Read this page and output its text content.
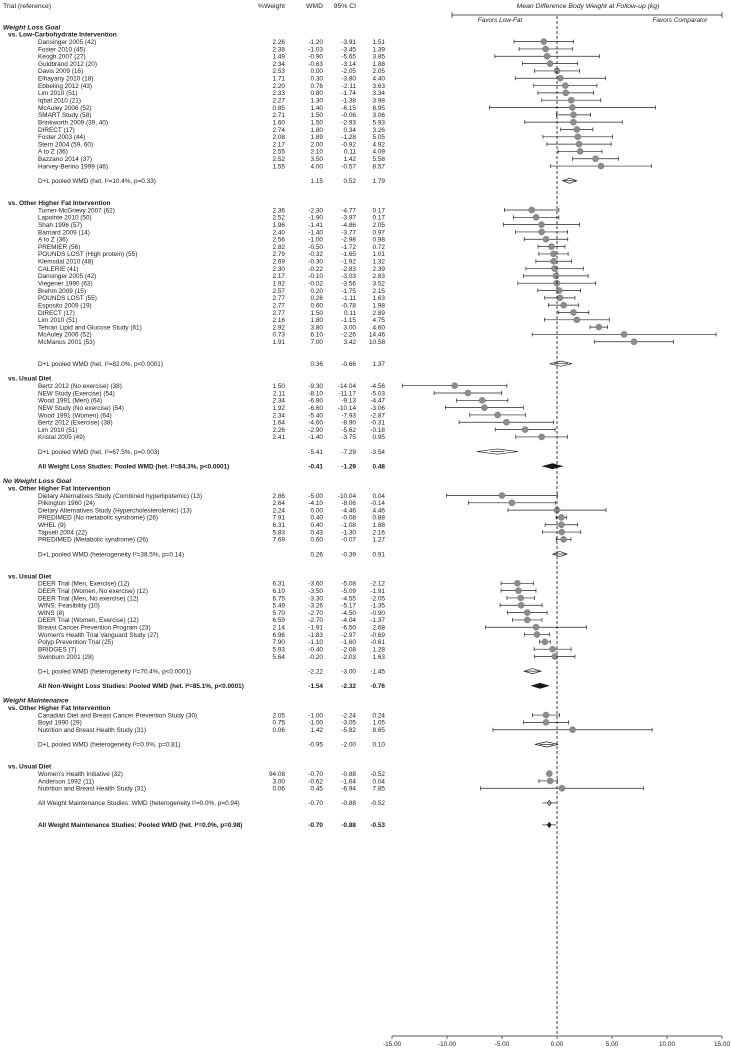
Trial (reference)	%Weight	WMD 95% CI	Mean Difference Body Weight at Follow-up (kg)
Favors Low-Fat	Favors Comparator
Weight Loss Goal
vs. Low-Carbohydrate Intervention
Dansinger 2005 (42)	2.26	-1.20	-3.91	1.51
Foster 2010 (45)	2.38	-1.03	-3.45	1.39
Keogh 2007 (27)	1.49	-0.90	-5.65	3.85
Guldbrand 2012 (20)	2.34	-0.63	-3.14	1.88
Davis 2009 (16)	2.53	0.00	-2.05	2.05
Elhayany 2010 (18)	1.71	0.30	-3.80	4.40
Ebbeling 2012 (43)	2.20	0.76	-2.11	3.63
Lim 2010 (51)	2.33	0.80	-1.74	3.34
Iqbal 2010 (21)	2.27	1.30	-1.38	3.98
McAuley 2006 (52)	0.85	1.40	-6.15	8.95
SMART Study (58)	2.71	1.50	-0.06	3.06
Brinkworth 2009 (39, 40)	1.60	1.50	-2.93	5.93
DIRECT (17)	2.74	1.80	0.34	3.26
Foster 2003 (44)	2.08	1.89	-1.28	5.05
Stern 2004 (59, 60)	2.17	2.00	-0.92	4.92
A to Z (36)	2.55	2.10	0.11	4.09
Bazzano 2014 (37)	2.52	3.50	1.42	5.58
Harvey-Berino 1999 (46)	1.55	4.00	-0.57	8.57
D+L pooled WMD (het. I²=10.4%, p=0.33)	1.15	0.52	1.79
vs. Other Higher Fat Intervention
Turner-McGrievy 2007 (62)	2.36	-2.30	-4.77	0.17
Lapointe 2010 (50)	2.52	-1.90	-3.97	0.17
Shah 1996 (57)	1.96	-1.41	-4.86	2.05
Barnard 2009 (14)	2.40	-1.40	-3.77	0.97
A to Z (36)	2.56	-1.00	-2.98	0.98
PREMIER (56)	2.82	-0.50	-1.72	0.72
POUNDS LOST (High protein) (55)	2.79	-0.32	-1.65	1.01
Klemsdal 2010 (48)	2.69	-0.30	-1.92	1.32
CALERIE (41)	2.30	-0.22	-2.83	2.39
Dansinger 2005 (42)	2.17	-0.10	-3.03	2.83
Viegener 1990 (63)	1.92	-0.02	-3.56	3.52
Brehm 2009 (15)	2.57	0.20	-1.75	2.15
POUNDS LOST (55)	2.77	0.26	-1.11	1.63
Esposito 2009 (19)	2.77	0.60	-0.78	1.98
DIRECT (17)	2.77	1.50	0.11	2.89
Lim 2010 (51)	2.16	1.80	-1.15	4.75
Tehran Lipid and Glucose Study (61)	2.92	3.80	3.00	4.60
McAuley 2006 (52)	0.73	6.10	-2.26 14.46
McManus 2001 (53)	1.91	7.00	3.42 10.58
D+L pooled WMD (het. I²=82.0%, p<0.0001)	0.36	-0.66	1.37
vs. Usual Diet
Bertz 2012 (No exercise) (38)	1.50	-9.30 -14.04 -4.56
NEW Study (Exercise) (54)	2.11	-8.10 -11.17 -5.03
Wood 1991 (Men) (64)	2.34	-6.80	-9.13 -4.47
NEW Study (No exercise) (54)	1.92	-6.60 -10.14 -3.06
Wood 1991 (Women) (64)	2.34	-5.40	-7.93 -2.87
Bertz 2012 (Exercise) (38)	1.64	-4.60	-8.90 -0.31
Lim 2010 (51)	2.26	-2.90	-5.62 -0.18
Kristal 2005 (49)	2.41	-1.40	-3.75	0.95
D+L pooled WMD (het. I²=67.5%, p=0.003)	-5.41	-7.29 -3.54
All Weight Loss Studies: Pooled WMD (het. I²=84.3%, p<0.0001)	-0.41	-1.29	0.48
No Weight Loss Goal
vs. Other Higher Fat Intervention
Dietary Alternatives Study (Combined hyperlipidemic) (13)	2.86	-5.00 -10.04	0.04
Pilkington 1960 (24)	2.64	-4.10	-8.06 -0.14
Dietary Alternatives Study (Hypercholesterolemic) (13)	2.24	0.00	-4.46	4.46
PREDIMED (No metabolic syndrome) (26)	7.91	0.40	-0.08	0.88
WHEL (9)	6.31	0.40	-1.08	1.88
Tapsell 2004 (22)	5.83	0.43	-1.30	2.16
PREDIMED (Metabolic syndrome) (26)	7.69	0.60	-0.07	1.27
D+L pooled WMD (heterogeneity I²=38.5%, p=0.14)	0.26	-0.39	0.91
vs. Usual Diet
DEER Trial (Men, Exercise) (12)	6.31	-3.60	-5.08 -2.12
DEER Trial (Women, No exercise) (12)	6.10	-3.50	-5.09 -1.91
DEER Trial (Men, No exercise) (12)	6.75	-3.30	-4.55 -2.05
WINS: Feasibility (10)	5.49	-3.26	-5.17 -1.35
WINS (8)	5.70	-2.70	-4.50 -0.90
DEER Trial (Women, Exercise) (12)	6.59	-2.70	-4.04 -1.37
Breast Cancer Prevention Program (23)	2.14	-1.91	-6.50	2.68
Women's Health Trial Vanguard Study (27)	6.96	-1.83	-2.97 -0.69
Polyp Prevention Trial (25)	7.90	-1.10	-1.60 -0.61
BRIDGES (7)	5.93	-0.40	-2.08	1.28
Swinburn 2001 (28)	5.64	-0.20	-2.03	1.63
D+L pooled WMD (heterogeneity I²=70.4%, p<0.0001)	-2.22	-3.00 -1.45
All Non-Weight Loss Studies: Pooled WMD (het. I²=85.1%, p<0.0001)	-1.54	-2.32 -0.76
Weight Maintenance
vs. Other Higher Fat Intervention
Canadian Diet and Breast Cancer Prevention Study (30)	2.05	-1.00	-2.24	0.24
Boyd 1990 (29)	0.75	-1.00	-3.05	1.05
Nutrition and Breast Health Study (31)	0.06	1.42	-5.82	8.65
D+L pooled WMD (heterogeneity I²=0.0%, p=0.81)	-0.95	-2.00	0.10
vs. Usual Diet
Women's Health Initiative (32)	94.08	-0.70	-0.88 -0.52
Anderson 1992 (11)	3.00	-0.62	-1.64	0.04
Nutrition and Breast Health Study (31)	0.06	0.45	-6.94	7.85
All Weight Maintenance Studies: WMD (heterogeneity I²=0.0%, p=0.94)	-0.70	-0.88 -0.52
All Weight Maintenance Studies: Pooled WMD (het. I²=0.0%, p=0.98)	-0.70	-0.88 -0.53
-15.00	-10.00	-5.00	0.00	5.00	10.00	15.00
